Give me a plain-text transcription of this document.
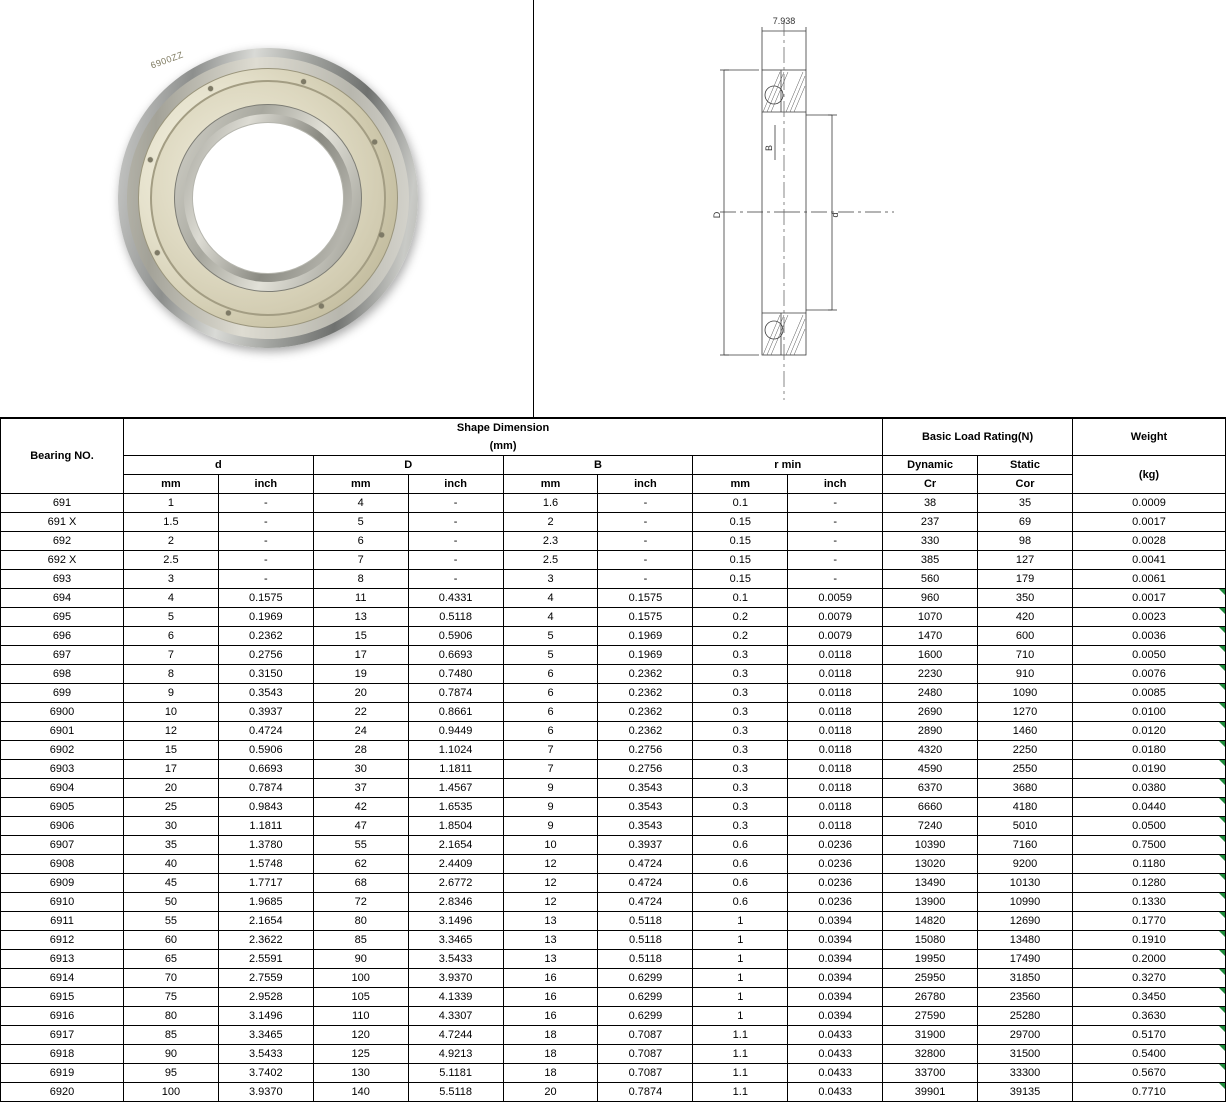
6900ZZ
7.938
D	d
B
Bearing NO.	Shape Dimension
(mm)								Basic Load Rating(N)		Weight
	d		D		B		r min		Dynamic	Static	(kg)
	mm	inch	mm	inch	mm	inch	mm	inch	Cr	Cor	
691	1	-	4	-	1.6	-	0.1	-	38	35	0.0009
691 X	1.5	-	5	-	2	-	0.15	-	237	69	0.0017
692	2	-	6	-	2.3	-	0.15	-	330	98	0.0028
692 X	2.5	-	7	-	2.5	-	0.15	-	385	127	0.0041
693	3	-	8	-	3	-	0.15	-	560	179	0.0061
694	4	0.1575	11	0.4331	4	0.1575	0.1	0.0059	960	350	0.0017
695	5	0.1969	13	0.5118	4	0.1575	0.2	0.0079	1070	420	0.0023
696	6	0.2362	15	0.5906	5	0.1969	0.2	0.0079	1470	600	0.0036
697	7	0.2756	17	0.6693	5	0.1969	0.3	0.0118	1600	710	0.0050
698	8	0.3150	19	0.7480	6	0.2362	0.3	0.0118	2230	910	0.0076
699	9	0.3543	20	0.7874	6	0.2362	0.3	0.0118	2480	1090	0.0085
6900	10	0.3937	22	0.8661	6	0.2362	0.3	0.0118	2690	1270	0.0100
6901	12	0.4724	24	0.9449	6	0.2362	0.3	0.0118	2890	1460	0.0120
6902	15	0.5906	28	1.1024	7	0.2756	0.3	0.0118	4320	2250	0.0180
6903	17	0.6693	30	1.1811	7	0.2756	0.3	0.0118	4590	2550	0.0190
6904	20	0.7874	37	1.4567	9	0.3543	0.3	0.0118	6370	3680	0.0380
6905	25	0.9843	42	1.6535	9	0.3543	0.3	0.0118	6660	4180	0.0440
6906	30	1.1811	47	1.8504	9	0.3543	0.3	0.0118	7240	5010	0.0500
6907	35	1.3780	55	2.1654	10	0.3937	0.6	0.0236	10390	7160	0.7500
6908	40	1.5748	62	2.4409	12	0.4724	0.6	0.0236	13020	9200	0.1180
6909	45	1.7717	68	2.6772	12	0.4724	0.6	0.0236	13490	10130	0.1280
6910	50	1.9685	72	2.8346	12	0.4724	0.6	0.0236	13900	10990	0.1330
6911	55	2.1654	80	3.1496	13	0.5118	1	0.0394	14820	12690	0.1770
6912	60	2.3622	85	3.3465	13	0.5118	1	0.0394	15080	13480	0.1910
6913	65	2.5591	90	3.5433	13	0.5118	1	0.0394	19950	17490	0.2000
6914	70	2.7559	100	3.9370	16	0.6299	1	0.0394	25950	31850	0.3270
6915	75	2.9528	105	4.1339	16	0.6299	1	0.0394	26780	23560	0.3450
6916	80	3.1496	110	4.3307	16	0.6299	1	0.0394	27590	25280	0.3630
6917	85	3.3465	120	4.7244	18	0.7087	1.1	0.0433	31900	29700	0.5170
6918	90	3.5433	125	4.9213	18	0.7087	1.1	0.0433	32800	31500	0.5400
6919	95	3.7402	130	5.1181	18	0.7087	1.1	0.0433	33700	33300	0.5670
6920	100	3.9370	140	5.5118	20	0.7874	1.1	0.0433	39901	39135	0.7710
